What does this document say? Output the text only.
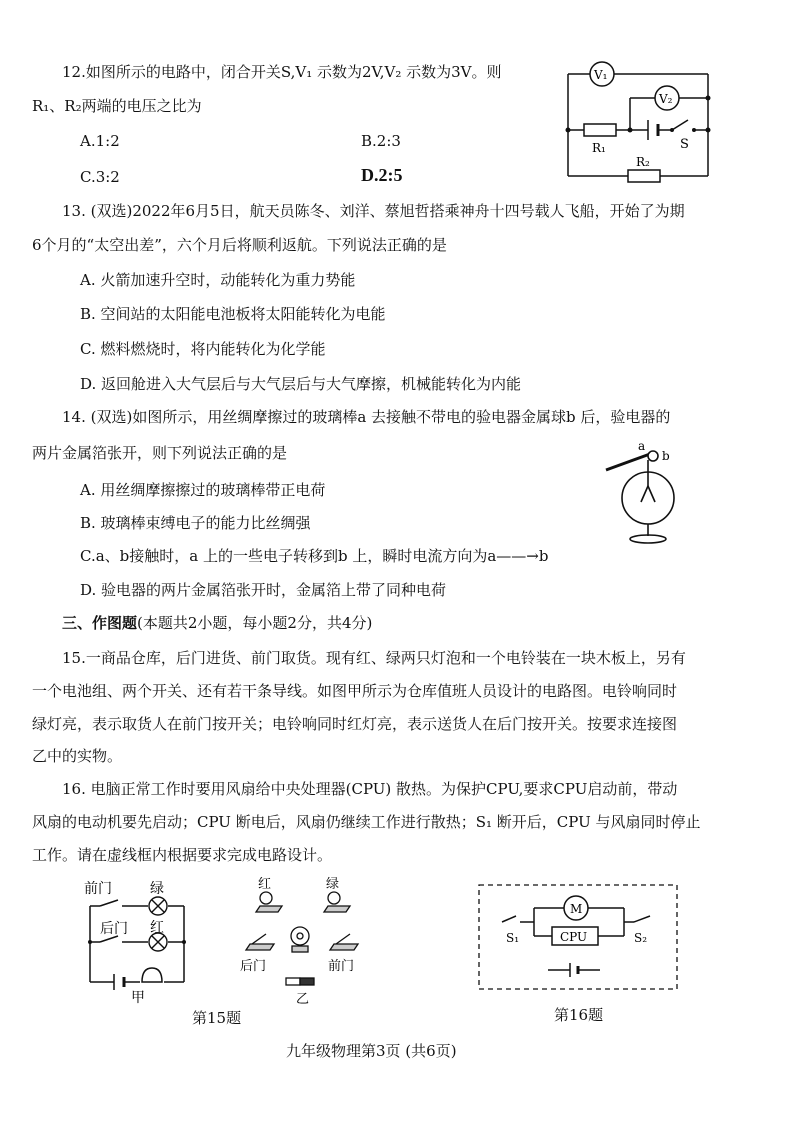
12.如图所示的电路中，闭合开关S,V₁ 示数为2V,V₂ 示数为3V。则
R₁、R₂两端的电压之比为
A.1:2	B.2:3
C.3:2	D.2:5
V₁
V₂
R₁
R₂
S
13. (双选)2022年6月5日，航天员陈冬、刘洋、蔡旭哲搭乘神舟十四号载人飞船，开始了为期
6个月的“太空出差”，六个月后将顺利返航。下列说法正确的是
A. 火箭加速升空时，动能转化为重力势能
B. 空间站的太阳能电池板将太阳能转化为电能
C. 燃料燃烧时，将内能转化为化学能
D. 返回舱进入大气层后与大气层后与大气摩擦，机械能转化为内能
14. (双选)如图所示，用丝绸摩擦过的玻璃棒a 去接触不带电的验电器金属球b 后，验电器的
两片金属箔张开，则下列说法正确的是
A. 用丝绸摩擦擦过的玻璃棒带正电荷
B. 玻璃棒束缚电子的能力比丝绸强
C.a、b接触时，a 上的一些电子转移到b 上，瞬时电流方向为a——→b
D. 验电器的两片金属箔张开时，金属箔上带了同种电荷
a
b
三、作图题(本题共2小题，每小题2分，共4分)
15.一商品仓库，后门进货、前门取货。现有红、绿两只灯泡和一个电铃装在一块木板上，另有
一个电池组、两个开关、还有若干条导线。如图甲所示为仓库值班人员设计的电路图。电铃响同时
绿灯亮，表示取货人在前门按开关；电铃响同时红灯亮，表示送货人在后门按开关。按要求连接图
乙中的实物。
16. 电脑正常工作时要用风扇给中央处理器(CPU) 散热。为保护CPU,要求CPU启动前，带动
风扇的电动机要先启动；CPU 断电后，风扇仍继续工作进行散热；S₁ 断开后，CPU 与风扇同时停止
工作。请在虚线框内根据要求完成电路设计。
前门	绿
后门 红
甲
红	绿
后门	前门
乙
第15题
M
CPU
S₁	S₂
第16题
九年级物理第3页 (共6页)
